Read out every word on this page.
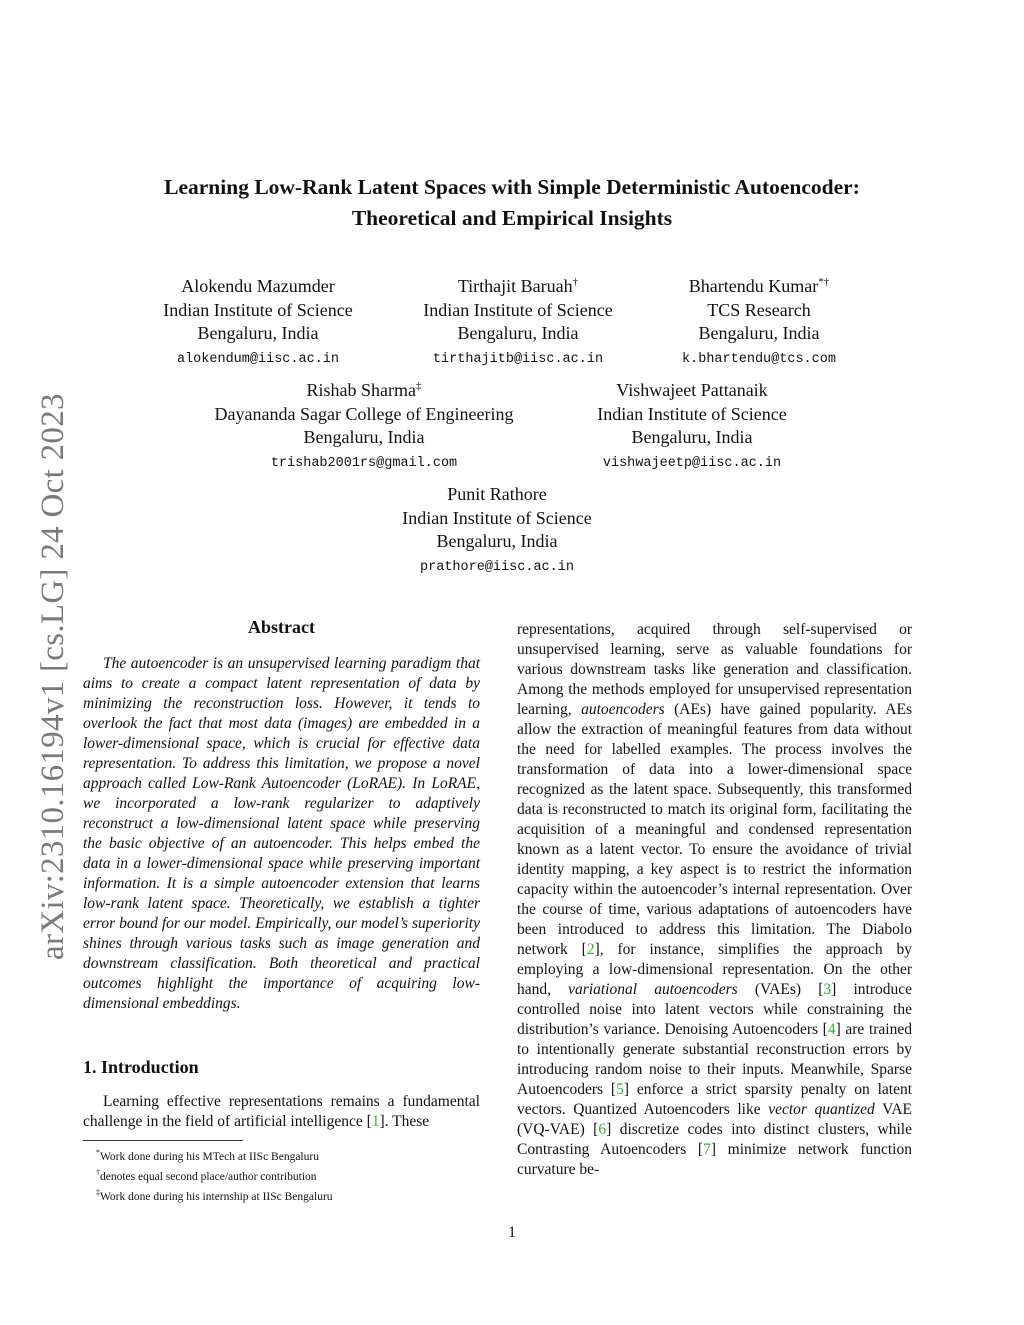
arXiv:2310.16194v1 [cs.LG] 24 Oct 2023
Learning Low-Rank Latent Spaces with Simple Deterministic Autoencoder:
Theoretical and Empirical Insights
Alokendu Mazumder
Indian Institute of Science
Bengaluru, India
alokendum@iisc.ac.in
Tirthajit Baruah†
Indian Institute of Science
Bengaluru, India
tirthajitb@iisc.ac.in
Bhartendu Kumar*†
TCS Research
Bengaluru, India
k.bhartendu@tcs.com
Rishab Sharma‡
Dayananda Sagar College of Engineering
Bengaluru, India
trishab2001rs@gmail.com
Vishwajeet Pattanaik
Indian Institute of Science
Bengaluru, India
vishwajeetp@iisc.ac.in
Punit Rathore
Indian Institute of Science
Bengaluru, India
prathore@iisc.ac.in
Abstract

The autoencoder is an unsupervised learning paradigm that aims to create a compact latent representation of data by minimizing the reconstruction loss. However, it tends to overlook the fact that most data (images) are embedded in a lower-dimensional space, which is crucial for effective data representation. To address this limitation, we propose a novel approach called Low-Rank Autoencoder (LoRAE). In LoRAE, we incorporated a low-rank regularizer to adaptively reconstruct a low-dimensional latent space while preserving the basic objective of an autoencoder. This helps embed the data in a lower-dimensional space while preserving important information. It is a simple autoencoder extension that learns low-rank latent space. Theoretically, we establish a tighter error bound for our model. Empirically, our model’s superiority shines through various tasks such as image generation and downstream classification. Both theoretical and practical outcomes highlight the importance of acquiring low-dimensional embeddings.

1. Introduction

Learning effective representations remains a fundamental challenge in the field of artificial intelligence [1]. These

representations, acquired through self-supervised or unsupervised learning, serve as valuable foundations for various downstream tasks like generation and classification. Among the methods employed for unsupervised representation learning, autoencoders (AEs) have gained popularity. AEs allow the extraction of meaningful features from data without the need for labelled examples. The process involves the transformation of data into a lower-dimensional space recognized as the latent space. Subsequently, this transformed data is reconstructed to match its original form, facilitating the acquisition of a meaningful and condensed representation known as a latent vector. To ensure the avoidance of trivial identity mapping, a key aspect is to restrict the information capacity within the autoencoder’s internal representation. Over the course of time, various adaptations of autoencoders have been introduced to address this limitation. The Diabolo network [2], for instance, simplifies the approach by employing a low-dimensional representation. On the other hand, variational autoencoders (VAEs) [3] introduce controlled noise into latent vectors while constraining the distribution’s variance. Denoising Autoencoders [4] are trained to intentionally generate substantial reconstruction errors by introducing random noise to their inputs. Meanwhile, Sparse Autoencoders [5] enforce a strict sparsity penalty on latent vectors. Quantized Autoencoders like vector quantized VAE (VQ-VAE) [6] discretize codes into distinct clusters, while Contrasting Autoencoders [7] minimize network function curvature be-

*Work done during his MTech at IISc Bengaluru
†denotes equal second place/author contribution
‡Work done during his internship at IISc Bengaluru
1
